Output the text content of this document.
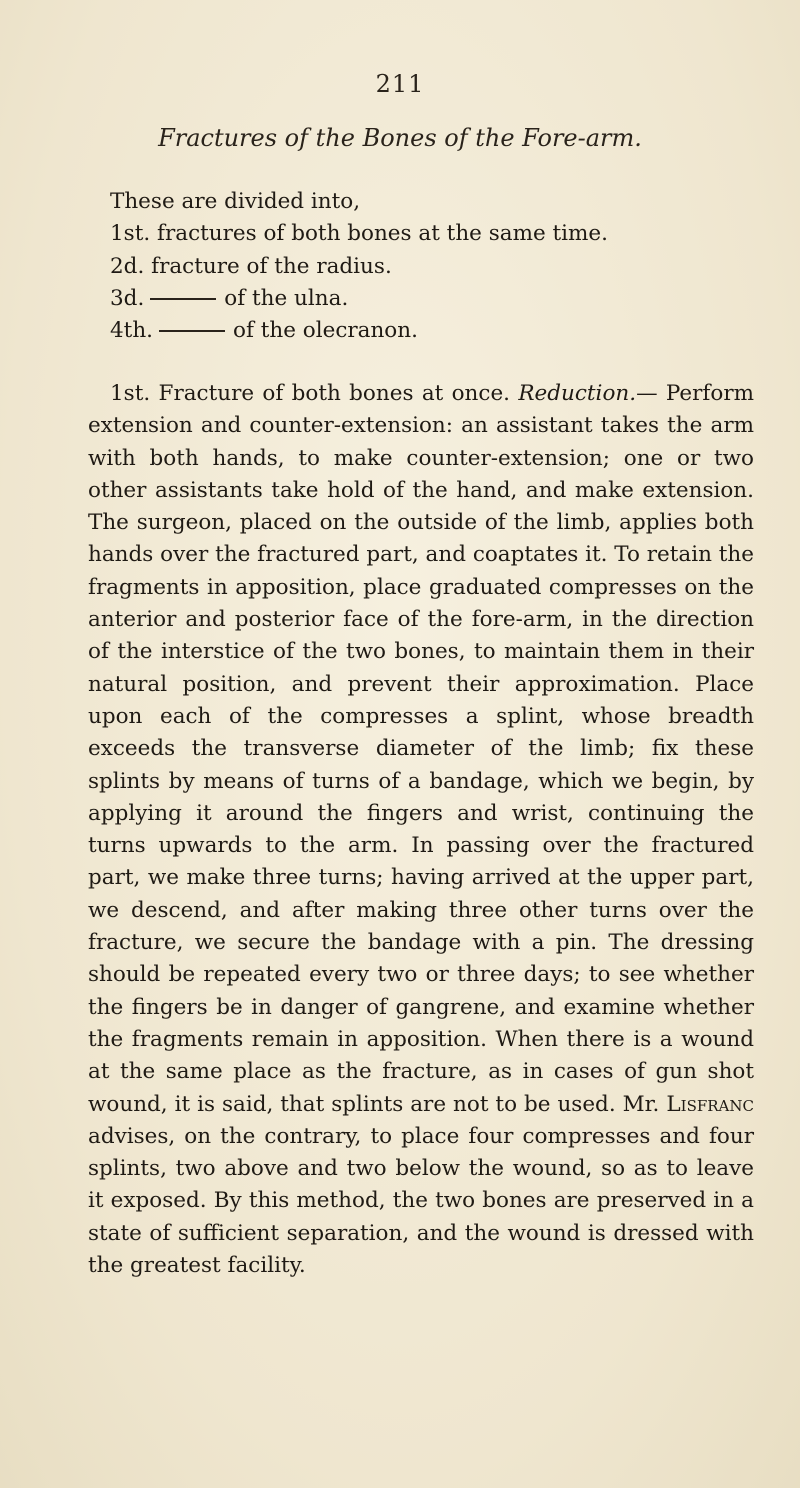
211
Fractures of the Bones of the Fore-arm.
These are divided into,
1st. fractures of both bones at the same time.
2d. fracture of the radius.
3d.	of the ulna.
4th.	of the olecranon.

1st. Fracture of both bones at once. Reduction.— Perform extension and counter-extension: an assistant takes the arm with both hands, to make counter-extension; one or two other assistants take hold of the hand, and make extension. The surgeon, placed on the outside of the limb, applies both hands over the fractured part, and coaptates it. To retain the fragments in apposition, place graduated compresses on the anterior and posterior face of the fore-arm, in the direction of the interstice of the two bones, to maintain them in their natural position, and prevent their approximation. Place upon each of the compresses a splint, whose breadth exceeds the transverse diameter of the limb; fix these splints by means of turns of a bandage, which we begin, by applying it around the fingers and wrist, continuing the turns upwards to the arm. In passing over the fractured part, we make three turns; having arrived at the upper part, we descend, and after making three other turns over the fracture, we secure the bandage with a pin. The dressing should be repeated every two or three days; to see whether the fingers be in danger of gangrene, and examine whether the fragments remain in apposition. When there is a wound at the same place as the fracture, as in cases of gun shot wound, it is said, that splints are not to be used. Mr. Lisfranc advises, on the contrary, to place four compresses and four splints, two above and two below the wound, so as to leave it exposed. By this method, the two bones are preserved in a state of sufficient separation, and the wound is dressed with the greatest facility.
